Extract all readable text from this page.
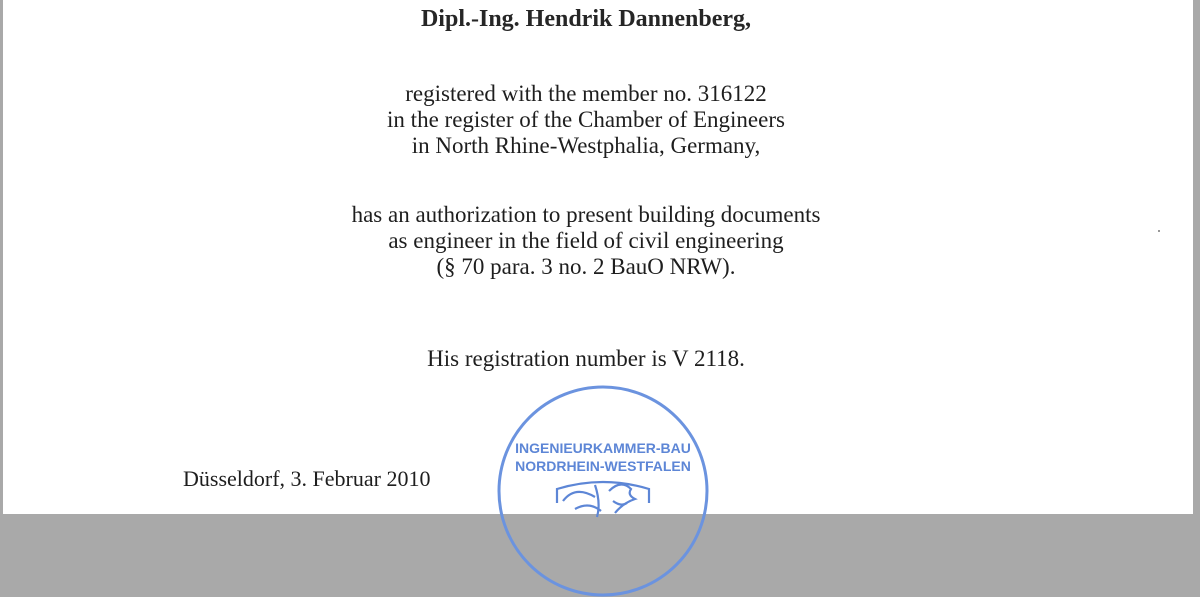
Dipl.-Ing. Hendrik Dannenberg,
registered with the member no. 316122
in the register of the Chamber of Engineers
in North Rhine-Westphalia, Germany,
has an authorization to present building documents
as engineer in the field of civil engineering
(§ 70 para. 3 no. 2 BauO NRW).
His registration number is V 2118.
Düsseldorf, 3. Februar 2010
INGENIEURKAMMER-BAU
NORDRHEIN-WESTFALEN
